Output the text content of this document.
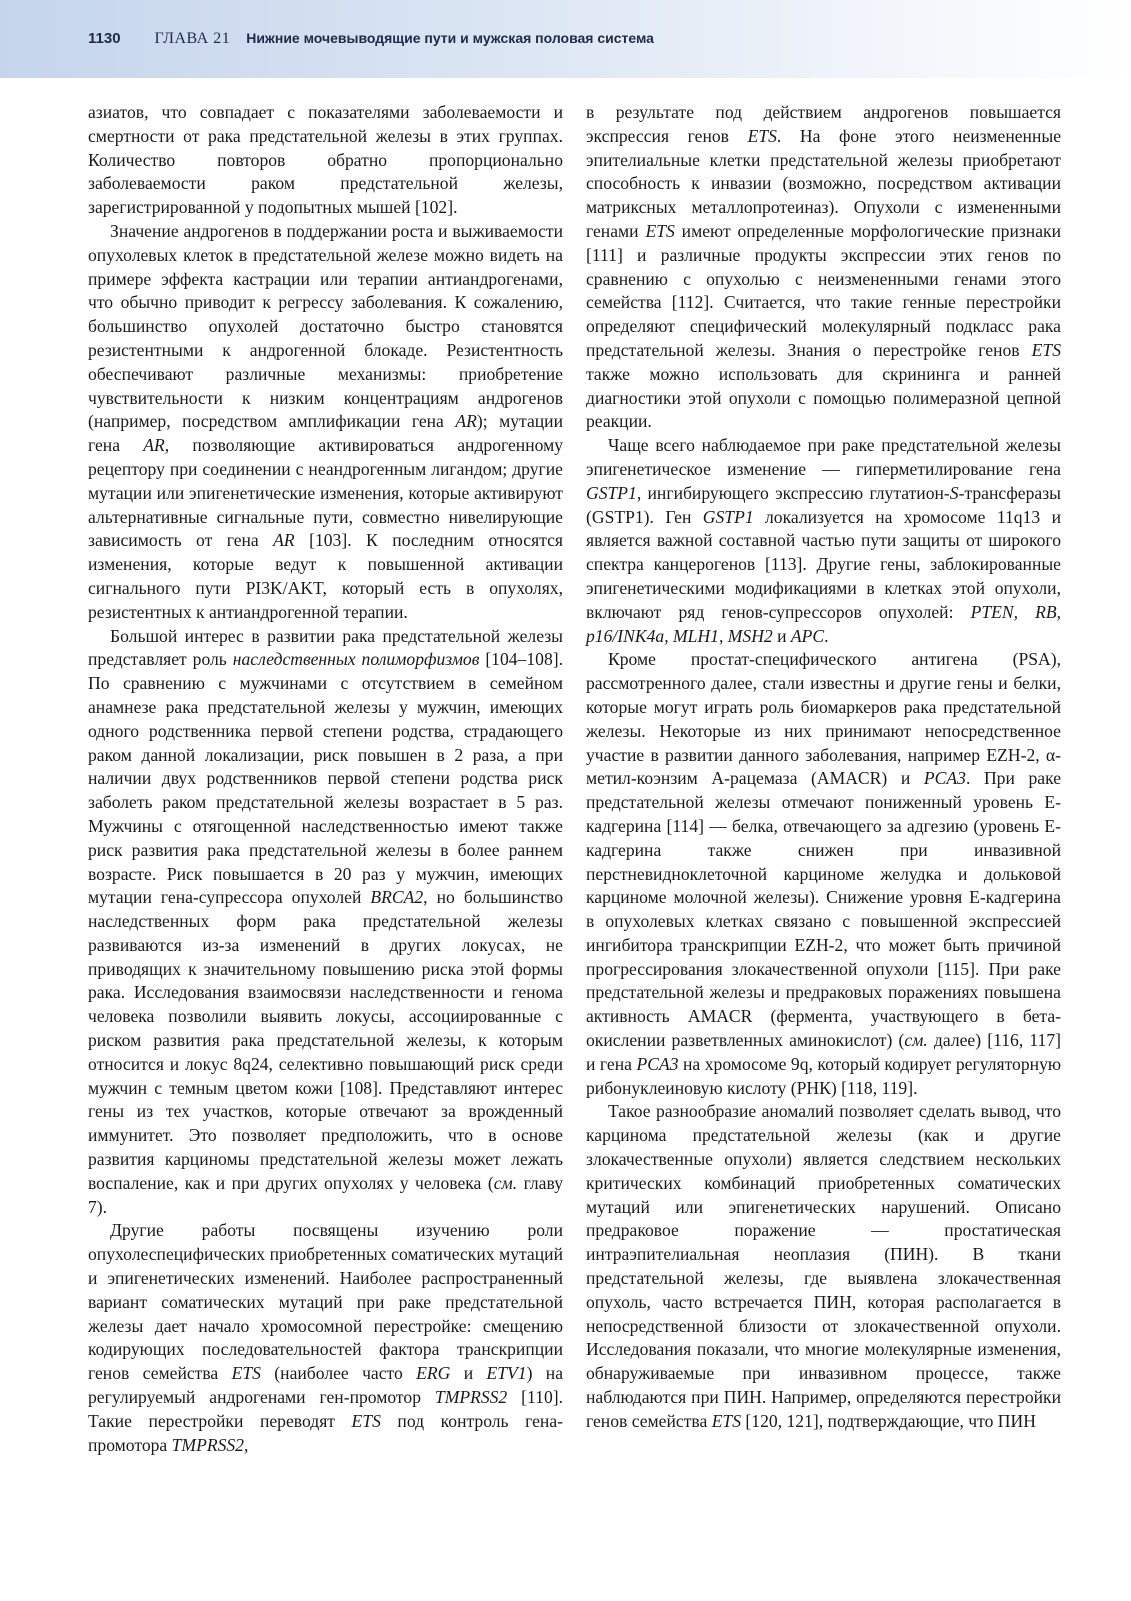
1130 ГЛАВА 21 Нижние мочевыводящие пути и мужская половая система

азиатов, что совпадает с показателями заболеваемости и смертности от рака предстательной железы в этих группах. Количество повторов обратно пропорционально заболеваемости раком предстательной железы, зарегистрированной у подопытных мышей [102].

Значение андрогенов в поддержании роста и выживаемости опухолевых клеток в предстательной железе можно видеть на примере эффекта кастрации или терапии антиандрогенами, что обычно приводит к регрессу заболевания. К сожалению, большинство опухолей достаточно быстро становятся резистентными к андрогенной блокаде. Резистентность обеспечивают различные механизмы: приобретение чувствительности к низким концентрациям андрогенов (например, посредством амплификации гена AR); мутации гена AR, позволяющие активироваться андрогенному рецептору при соединении с неандрогенным лигандом; другие мутации или эпигенетические изменения, которые активируют альтернативные сигнальные пути, совместно нивелирующие зависимость от гена AR [103]. К последним относятся изменения, которые ведут к повышенной активации сигнального пути PI3K/AKT, который есть в опухолях, резистентных к антиандрогенной терапии.

Большой интерес в развитии рака предстательной железы представляет роль наследственных полиморфизмов [104–108]. По сравнению с мужчинами с отсутствием в семейном анамнезе рака предстательной железы у мужчин, имеющих одного родственника первой степени родства, страдающего раком данной локализации, риск повышен в 2 раза, а при наличии двух родственников первой степени родства риск заболеть раком предстательной железы возрастает в 5 раз. Мужчины с отягощенной наследственностью имеют также риск развития рака предстательной железы в более раннем возрасте. Риск повышается в 20 раз у мужчин, имеющих мутации гена-супрессора опухолей BRCA2, но большинство наследственных форм рака предстательной железы развиваются из-за изменений в других локусах, не приводящих к значительному повышению риска этой формы рака. Исследования взаимосвязи наследственности и генома человека позволили выявить локусы, ассоциированные с риском развития рака предстательной железы, к которым относится и локус 8q24, селективно повышающий риск среди мужчин с темным цветом кожи [108]. Представляют интерес гены из тех участков, которые отвечают за врожденный иммунитет. Это позволяет предположить, что в основе развития карциномы предстательной железы может лежать воспаление, как и при других опухолях у человека (см. главу 7).

Другие работы посвящены изучению роли опухолеспецифических приобретенных соматических мутаций и эпигенетических изменений. Наиболее распространенный вариант соматических мутаций при раке предстательной железы дает начало хромосомной перестройке: смещению кодирующих последовательностей фактора транскрипции генов семейства ETS (наиболее часто ERG и ETV1) на регулируемый андрогенами ген-промотор TMPRSS2 [110]. Такие перестройки переводят ETS под контроль гена-промотора TMPRSS2,

в результате под действием андрогенов повышается экспрессия генов ETS. На фоне этого неизмененные эпителиальные клетки предстательной железы приобретают способность к инвазии (возможно, посредством активации матриксных металлопротеиназ). Опухоли с измененными генами ETS имеют определенные морфологические признаки [111] и различные продукты экспрессии этих генов по сравнению с опухолью с неизмененными генами этого семейства [112]. Считается, что такие генные перестройки определяют специфический молекулярный подкласс рака предстательной железы. Знания о перестройке генов ETS также можно использовать для скрининга и ранней диагностики этой опухоли с помощью полимеразной цепной реакции.

Чаще всего наблюдаемое при раке предстательной железы эпигенетическое изменение — гиперметилирование гена GSTP1, ингибирующего экспрессию глутатион-S-трансферазы (GSTP1). Ген GSTP1 локализуется на хромосоме 11q13 и является важной составной частью пути защиты от широкого спектра канцерогенов [113]. Другие гены, заблокированные эпигенетическими модификациями в клетках этой опухоли, включают ряд генов-супрессоров опухолей: PTEN, RB, p16/INK4a, MLH1, MSH2 и APC.

Кроме простат-специфического антигена (PSA), рассмотренного далее, стали известны и другие гены и белки, которые могут играть роль биомаркеров рака предстательной железы. Некоторые из них принимают непосредственное участие в развитии данного заболевания, например EZH-2, α-метил-коэнзим А-рацемаза (AMACR) и PCA3. При раке предстательной железы отмечают пониженный уровень Е-кадгерина [114] — белка, отвечающего за адгезию (уровень Е-кадгерина также снижен при инвазивной перстневидноклеточной карциноме желудка и дольковой карциноме молочной железы). Снижение уровня Е-кадгерина в опухолевых клетках связано с повышенной экспрессией ингибитора транскрипции EZH-2, что может быть причиной прогрессирования злокачественной опухоли [115]. При раке предстательной железы и предраковых поражениях повышена активность AMACR (фермента, участвующего в бета-окислении разветвленных аминокислот) (см. далее) [116, 117] и гена PCA3 на хромосоме 9q, который кодирует регуляторную рибонуклеиновую кислоту (РНК) [118, 119].

Такое разнообразие аномалий позволяет сделать вывод, что карцинома предстательной железы (как и другие злокачественные опухоли) является следствием нескольких критических комбинаций приобретенных соматических мутаций или эпигенетических нарушений. Описано предраковое поражение — простатическая интраэпителиальная неоплазия (ПИН). В ткани предстательной железы, где выявлена злокачественная опухоль, часто встречается ПИН, которая располагается в непосредственной близости от злокачественной опухоли. Исследования показали, что многие молекулярные изменения, обнаруживаемые при инвазивном процессе, также наблюдаются при ПИН. Например, определяются перестройки генов семейства ETS [120, 121], подтверждающие, что ПИН
